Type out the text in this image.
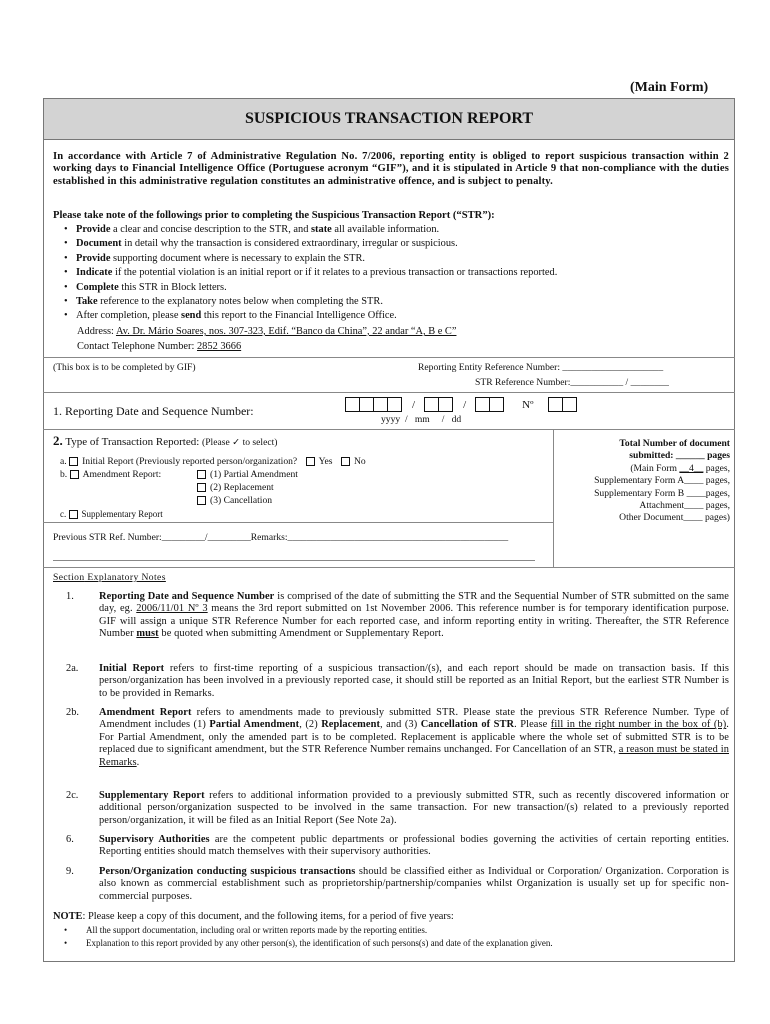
(Main Form)
SUSPICIOUS TRANSACTION REPORT
In accordance with Article 7 of Administrative Regulation No. 7/2006, reporting entity is obliged to report suspicious transaction within 2 working days to Financial Intelligence Office (Portuguese acronym “GIF”), and it is stipulated in Article 9 that non-compliance with the duties established in this administrative regulation constitutes an administrative offence, and is subject to penalty.
Please take note of the followings prior to completing the Suspicious Transaction Report (“STR”):
• Provide a clear and concise description to the STR, and state all available information.
• Document in detail why the transaction is considered extraordinary, irregular or suspicious.
• Provide supporting document where is necessary to explain the STR.
• Indicate if the potential violation is an initial report or if it relates to a previous transaction or transactions reported.
• Complete this STR in Block letters.
• Take reference to the explanatory notes below when completing the STR.
• After completion, please send this report to the Financial Intelligence Office.
Address: Av. Dr. Mário Soares, nos. 307-323, Edif. “Banco da China”, 22 andar “A, B e C”
Contact Telephone Number: 2852 3666
(This box is to be completed by GIF)	Reporting Entity Reference Number: _____________________
STR Reference Number:___________ / ________
1. Reporting Date and Sequence Number:	/	/	Nº
yyyy  /   mm     /   dd
2. Type of Transaction Reported: (Please ✓ to select)
a. Initial Report (Previously reported person/organization? Yes No
b. Amendment Report:	(1) Partial Amendment
(2) Replacement
(3) Cancellation
c. Supplementary Report
Previous STR Ref. Number:_________/_________Remarks:______________________________________________
Total Number of document
submitted: ______ pages
(Main Form __4__ pages,
Supplementary Form A____ pages,
Supplementary Form B ____pages,
Attachment____ pages,
Other Document____ pages)
Section Explanatory Notes
1. Reporting Date and Sequence Number is comprised of the date of submitting the STR and the Sequential Number of STR submitted on the same day, eg. 2006/11/01 Nº 3 means the 3rd report submitted on 1st November 2006. This reference number is for temporary identification purpose. GIF will assign a unique STR Reference Number for each reported case, and inform reporting entity in writing. Thereafter, the STR Reference Number must be quoted when submitting Amendment or Supplementary Report.
2a. Initial Report refers to first-time reporting of a suspicious transaction/(s), and each report should be made on transaction basis. If this person/organization has been involved in a previously reported case, it should still be reported as an Initial Report, but the earliest STR Number is to be provided in Remarks.
2b. Amendment Report refers to amendments made to previously submitted STR. Please state the previous STR Reference Number. Type of Amendment includes (1) Partial Amendment, (2) Replacement, and (3) Cancellation of STR. Please fill in the right number in the box of (b). For Partial Amendment, only the amended part is to be completed. Replacement is applicable where the whole set of submitted STR is to be replaced due to significant amendment, but the STR Reference Number remains unchanged. For Cancellation of an STR, a reason must be stated in Remarks.
2c. Supplementary Report refers to additional information provided to a previously submitted STR, such as recently discovered information or additional person/organization suspected to be involved in the same transaction. For new transaction/(s) related to a previously reported person/organization, it will be filed as an Initial Report (See Note 2a).
6. Supervisory Authorities are the competent public departments or professional bodies governing the activities of certain reporting entities. Reporting entities should match themselves with their supervisory authorities.
9. Person/Organization conducting suspicious transactions should be classified either as Individual or Corporation/ Organization. Corporation is also known as commercial establishment such as proprietorship/partnership/companies whilst Organization is usually set up for specific non-commercial purposes.
NOTE: Please keep a copy of this document, and the following items, for a period of five years:
• All the support documentation, including oral or written reports made by the reporting entities.
• Explanation to this report provided by any other person(s), the identification of such persons(s) and date of the explanation given.
